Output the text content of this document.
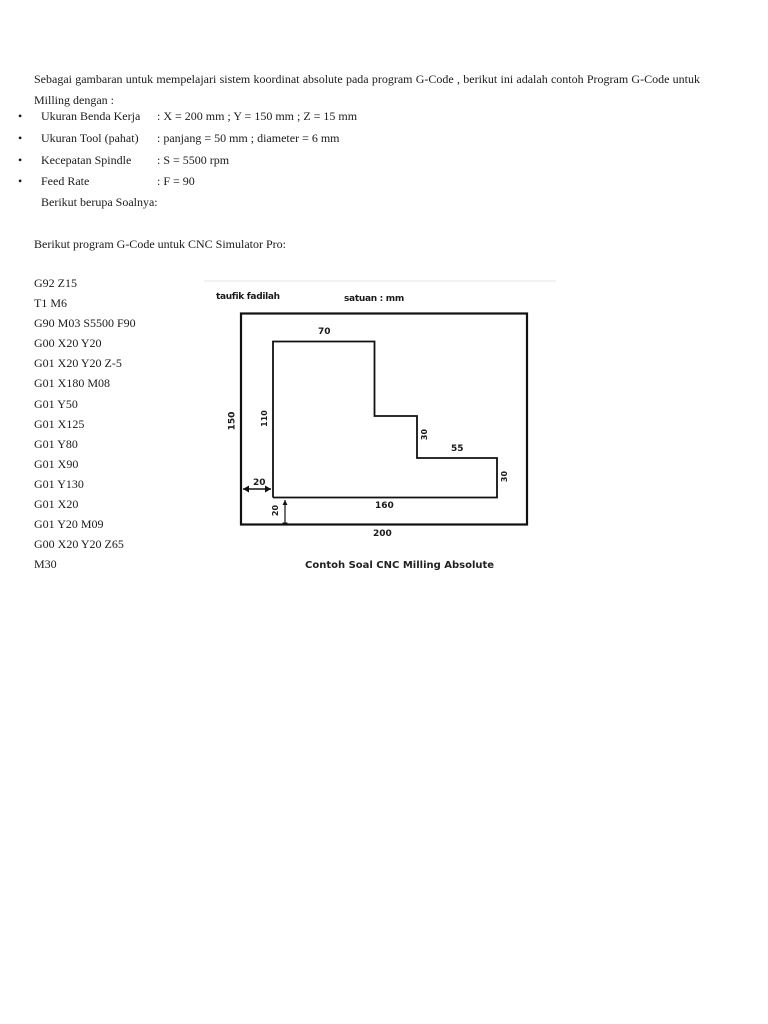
Sebagai gambaran untuk mempelajari sistem koordinat absolute pada program G-Code , berikut ini adalah contoh Program G-Code untuk
Milling dengan :
• Ukuran Benda Kerja : X = 200 mm ; Y = 150 mm ; Z = 15 mm
• Ukuran Tool (pahat) : panjang = 50 mm ; diameter = 6 mm
• Kecepatan Spindle : S = 5500 rpm
• Feed Rate	: F = 90
Berikut berupa Soalnya:
Berikut program G-Code untuk CNC Simulator Pro:
G92 Z15
T1 M6
G90 M03 S5500 F90
G00 X20 Y20
G01 X20 Y20 Z-5
G01 X180 M08
G01 Y50
G01 X125
G01 Y80
G01 X90
G01 Y130
G01 X20
G01 Y20 M09
G00 X20 Y20 Z65
M30
taufik fadilah	satuan : mm
70
150	110
30
55
30
20
20	160
200
Contoh Soal CNC Milling Absolute
